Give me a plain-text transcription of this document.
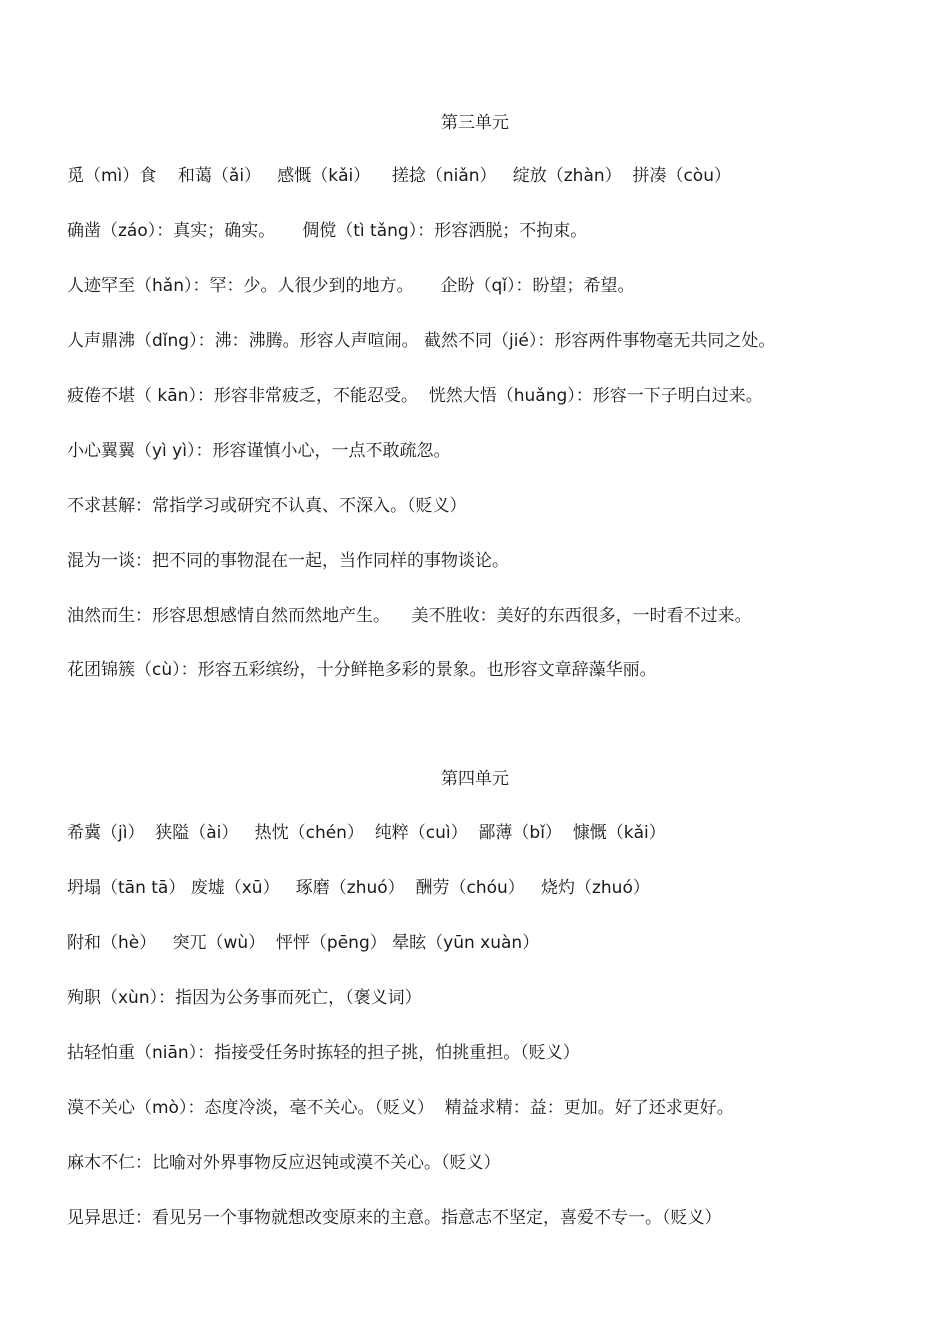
第三单元
觅（mì）食    和蔼（ǎi）   感慨（kǎi）    搓捻（niǎn）   绽放（zhàn）  拼凑（còu）
确凿（záo）：真实；确实。     倜傥（tì tǎng）：形容洒脱；不拘束。
人迹罕至（hǎn）：罕：少。人很少到的地方。     企盼（qǐ）：盼望；希望。
人声鼎沸（dǐng）：沸：沸腾。形容人声喧闹。 截然不同（jié）：形容两件事物毫无共同之处。
疲倦不堪（ kān）：形容非常疲乏，不能忍受。  恍然大悟（huǎng）：形容一下子明白过来。
小心翼翼（yì yì）：形容谨慎小心，一点不敢疏忽。
不求甚解：常指学习或研究不认真、不深入。（贬义）
混为一谈：把不同的事物混在一起，当作同样的事物谈论。
油然而生：形容思想感情自然而然地产生。    美不胜收：美好的东西很多，一时看不过来。
花团锦簇（cù）：形容五彩缤纷，十分鲜艳多彩的景象。也形容文章辞藻华丽。
第四单元
希冀（jì）  狭隘（ài）   热忱（chén）  纯粹（cuì）  鄙薄（bǐ）  慷慨（kǎi）
坍塌（tān tā） 废墟（xū）   琢磨（zhuó）  酬劳（chóu）   烧灼（zhuó）
附和（hè）   突兀（wù）  怦怦（pēng） 晕眩（yūn xuàn）
殉职（xùn）：指因为公务事而死亡，（褒义词）
拈轻怕重（niān）：指接受任务时拣轻的担子挑，怕挑重担。（贬义）
漠不关心（mò）：态度冷淡，毫不关心。（贬义）  精益求精：益：更加。好了还求更好。
麻木不仁：比喻对外界事物反应迟钝或漠不关心。（贬义）
见异思迁：看见另一个事物就想改变原来的主意。指意志不坚定，喜爱不专一。（贬义）
